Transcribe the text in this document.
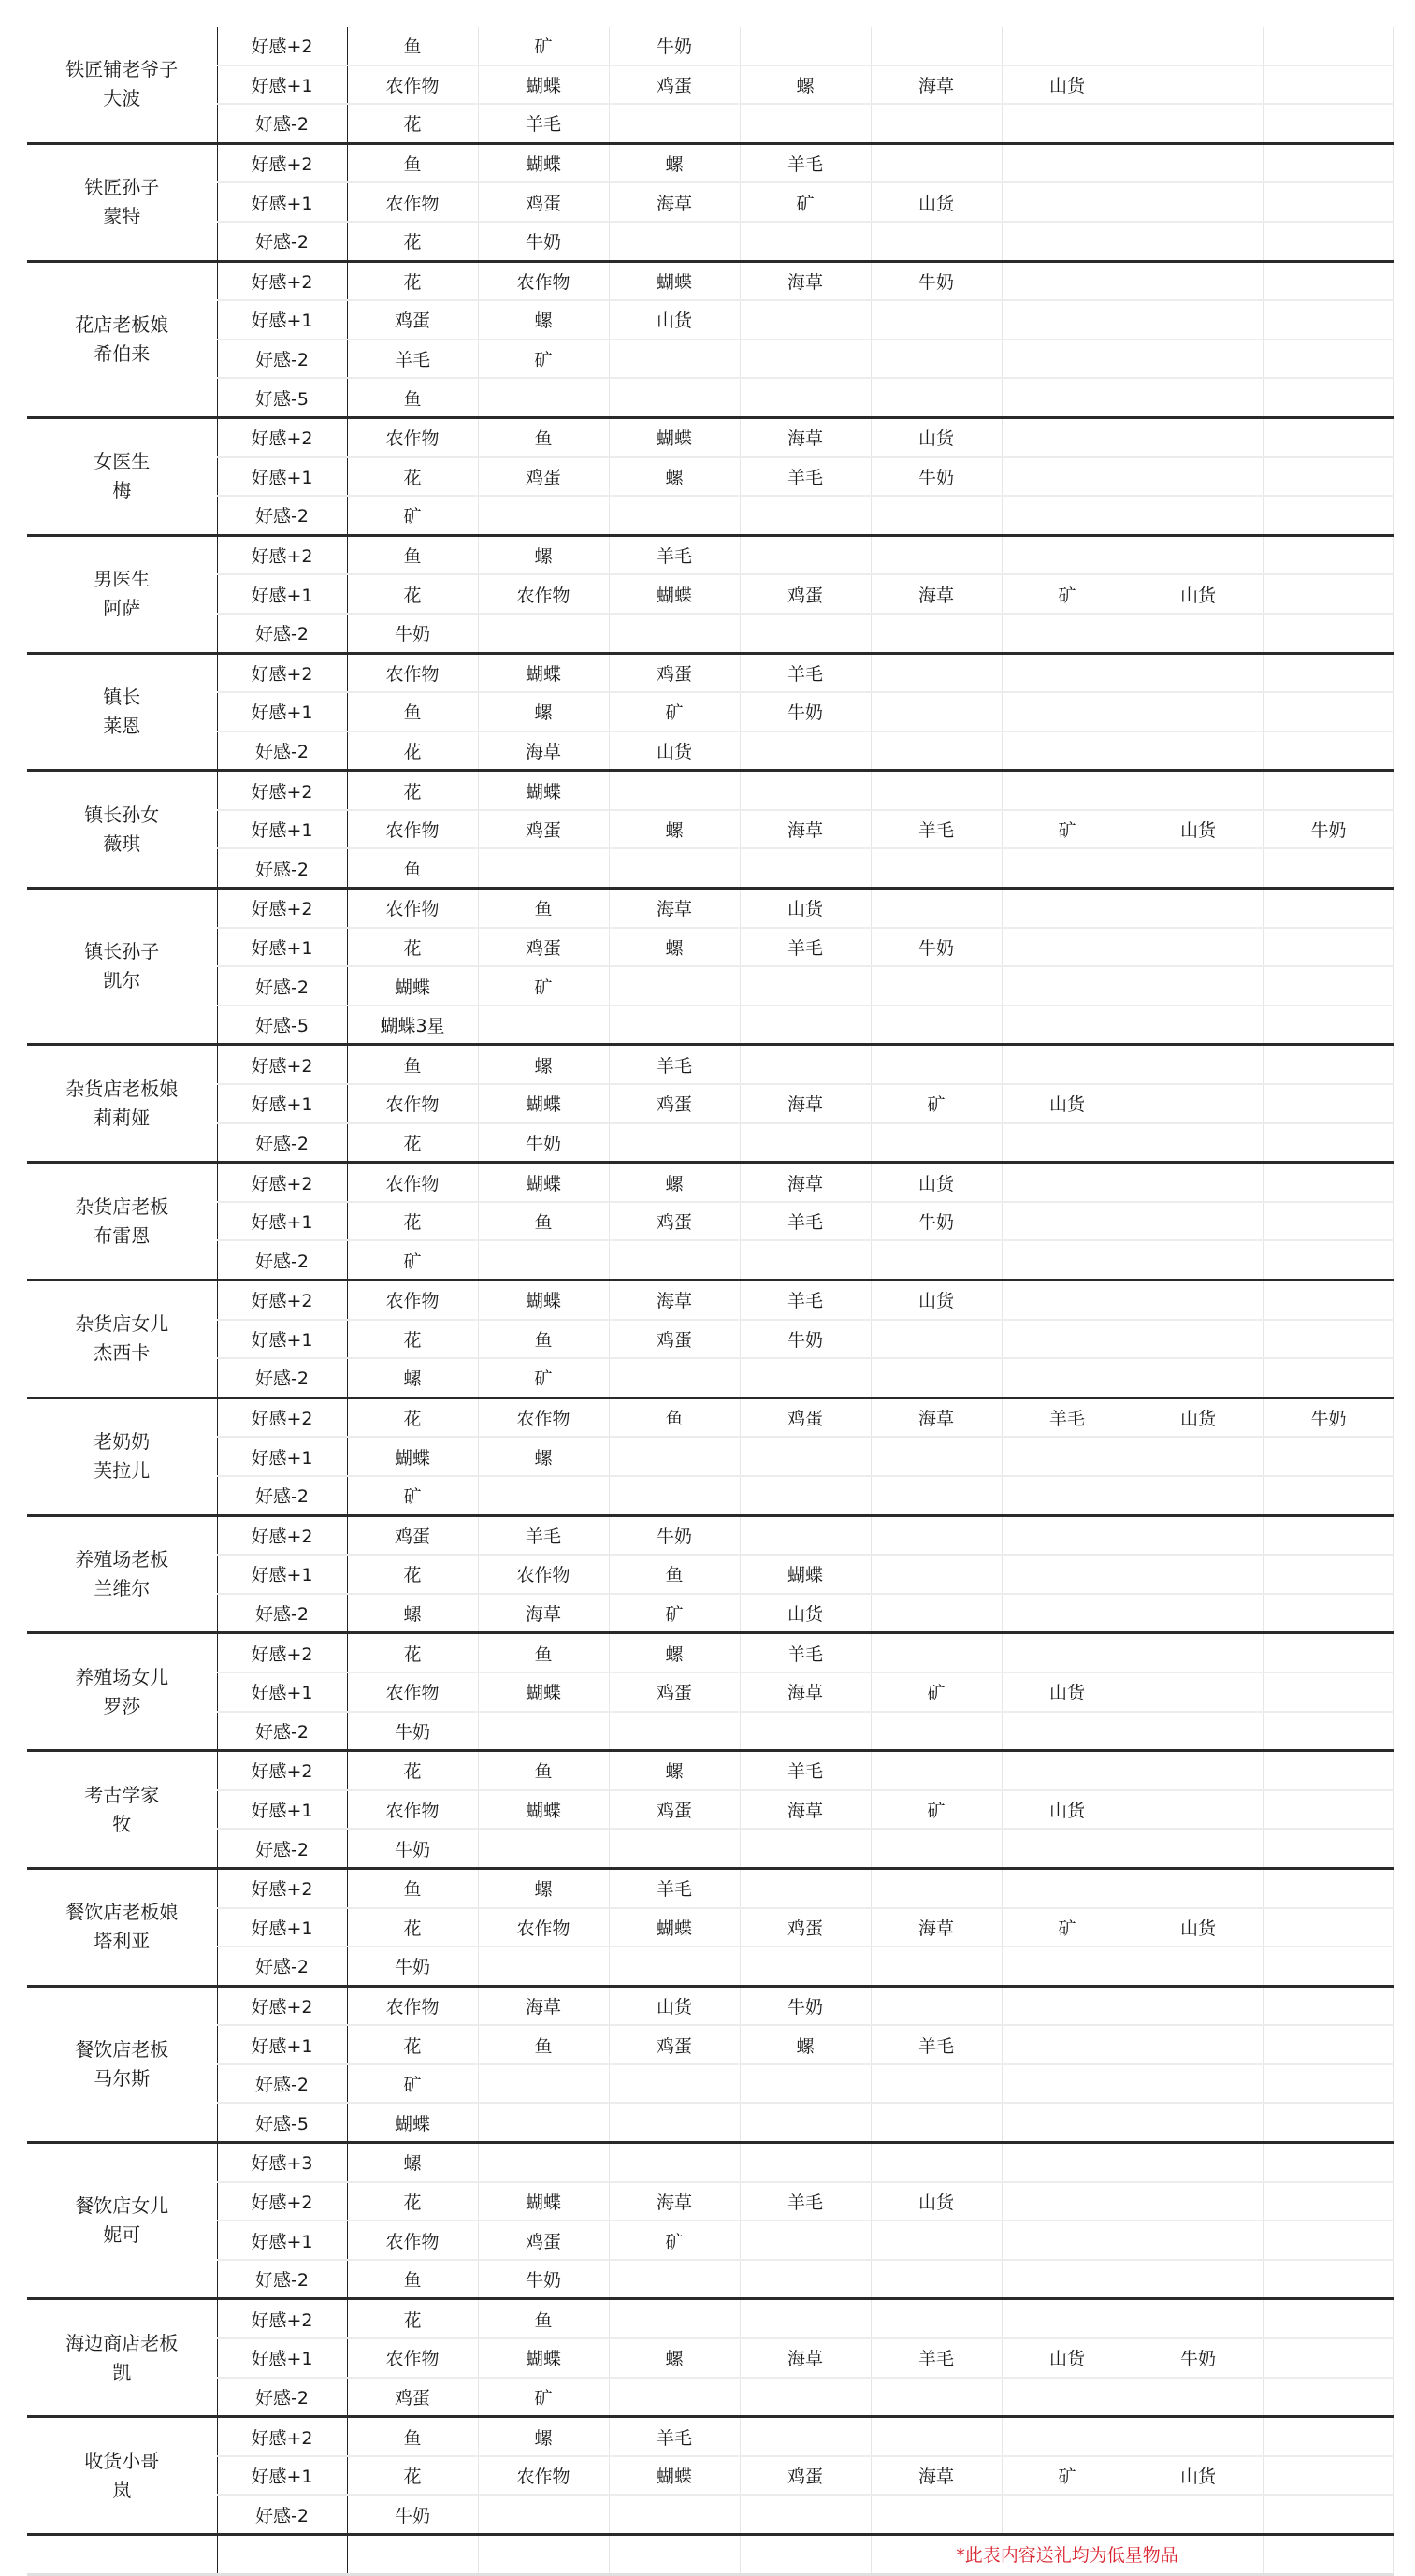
铁匠铺老爷子
大波	好感+2	鱼	矿	牛奶					
	好感+1	农作物	蝴蝶	鸡蛋	螺	海草	山货		
	好感-2	花	羊毛						

铁匠孙子
蒙特	好感+2	鱼	蝴蝶	螺	羊毛				
	好感+1	农作物	鸡蛋	海草	矿	山货			
	好感-2	花	牛奶						

花店老板娘
希伯来	好感+2	花	农作物	蝴蝶	海草	牛奶			
	好感+1	鸡蛋	螺	山货					
	好感-2	羊毛	矿						
	好感-5	鱼							

女医生
梅	好感+2	农作物	鱼	蝴蝶	海草	山货			
	好感+1	花	鸡蛋	螺	羊毛	牛奶			
	好感-2	矿							

男医生
阿萨	好感+2	鱼	螺	羊毛					
	好感+1	花	农作物	蝴蝶	鸡蛋	海草	矿	山货	
	好感-2	牛奶							

镇长
莱恩	好感+2	农作物	蝴蝶	鸡蛋	羊毛				
	好感+1	鱼	螺	矿	牛奶				
	好感-2	花	海草	山货					

镇长孙女
薇琪	好感+2	花	蝴蝶						
	好感+1	农作物	鸡蛋	螺	海草	羊毛	矿	山货	牛奶
	好感-2	鱼							

镇长孙子
凯尔	好感+2	农作物	鱼	海草	山货				
	好感+1	花	鸡蛋	螺	羊毛	牛奶			
	好感-2	蝴蝶	矿						
	好感-5	蝴蝶3星							

杂货店老板娘
莉莉娅	好感+2	鱼	螺	羊毛					
	好感+1	农作物	蝴蝶	鸡蛋	海草	矿	山货		
	好感-2	花	牛奶						

杂货店老板
布雷恩	好感+2	农作物	蝴蝶	螺	海草	山货			
	好感+1	花	鱼	鸡蛋	羊毛	牛奶			
	好感-2	矿							

杂货店女儿
杰西卡	好感+2	农作物	蝴蝶	海草	羊毛	山货			
	好感+1	花	鱼	鸡蛋	牛奶				
	好感-2	螺	矿						

老奶奶
芙拉儿	好感+2	花	农作物	鱼	鸡蛋	海草	羊毛	山货	牛奶
	好感+1	蝴蝶	螺						
	好感-2	矿							

养殖场老板
兰维尔	好感+2	鸡蛋	羊毛	牛奶					
	好感+1	花	农作物	鱼	蝴蝶				
	好感-2	螺	海草	矿	山货				

养殖场女儿
罗莎	好感+2	花	鱼	螺	羊毛				
	好感+1	农作物	蝴蝶	鸡蛋	海草	矿	山货		
	好感-2	牛奶							

考古学家
牧	好感+2	花	鱼	螺	羊毛				
	好感+1	农作物	蝴蝶	鸡蛋	海草	矿	山货		
	好感-2	牛奶							

餐饮店老板娘
塔利亚	好感+2	鱼	螺	羊毛					
	好感+1	花	农作物	蝴蝶	鸡蛋	海草	矿	山货	
	好感-2	牛奶							

餐饮店老板
马尔斯	好感+2	农作物	海草	山货	牛奶				
	好感+1	花	鱼	鸡蛋	螺	羊毛			
	好感-2	矿							
	好感-5	蝴蝶							

餐饮店女儿
妮可	好感+3	螺							
	好感+2	花	蝴蝶	海草	羊毛	山货			
	好感+1	农作物	鸡蛋	矿					
	好感-2	鱼	牛奶						

海边商店老板
凯	好感+2	花	鱼						
	好感+1	农作物	蝴蝶	螺	海草	羊毛	山货	牛奶	
	好感-2	鸡蛋	矿						

收货小哥
岚	好感+2	鱼	螺	羊毛					
	好感+1	花	农作物	蝴蝶	鸡蛋	海草	矿	山货	
	好感-2	牛奶							
						*此表内容送礼均为低星物品			
